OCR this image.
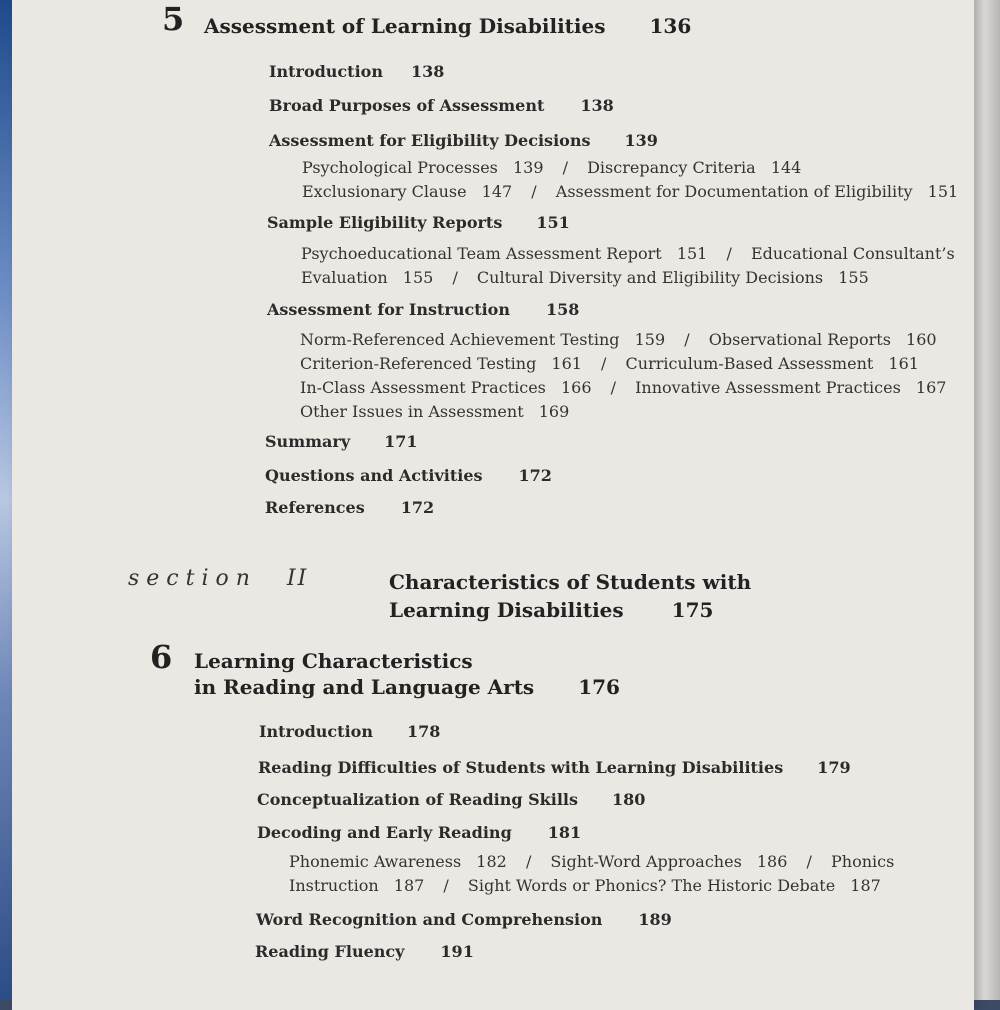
5 Assessment of Learning Disabilities 136
Introduction 138
Broad Purposes of Assessment 138
Assessment for Eligibility Decisions 139
Psychological Processes 139 / Discrepancy Criteria 144
Exclusionary Clause 147 / Assessment for Documentation of Eligibility 151
Sample Eligibility Reports 151
Psychoeducational Team Assessment Report 151 / Educational Consultant’s
Evaluation 155 / Cultural Diversity and Eligibility Decisions 155
Assessment for Instruction 158
Norm-Referenced Achievement Testing 159 / Observational Reports 160
Criterion-Referenced Testing 161 / Curriculum-Based Assessment 161
In-Class Assessment Practices 166 / Innovative Assessment Practices 167
Other Issues in Assessment 169
Summary 171
Questions and Activities 172
References 172
section II	Characteristics of Students with
Learning Disabilities 175
6 Learning Characteristics
in Reading and Language Arts 176
Introduction 178
Reading Difficulties of Students with Learning Disabilities 179
Conceptualization of Reading Skills 180
Decoding and Early Reading 181
Phonemic Awareness 182 / Sight-Word Approaches 186 / Phonics
Instruction 187 / Sight Words or Phonics? The Historic Debate 187
Word Recognition and Comprehension 189
Reading Fluency 191
